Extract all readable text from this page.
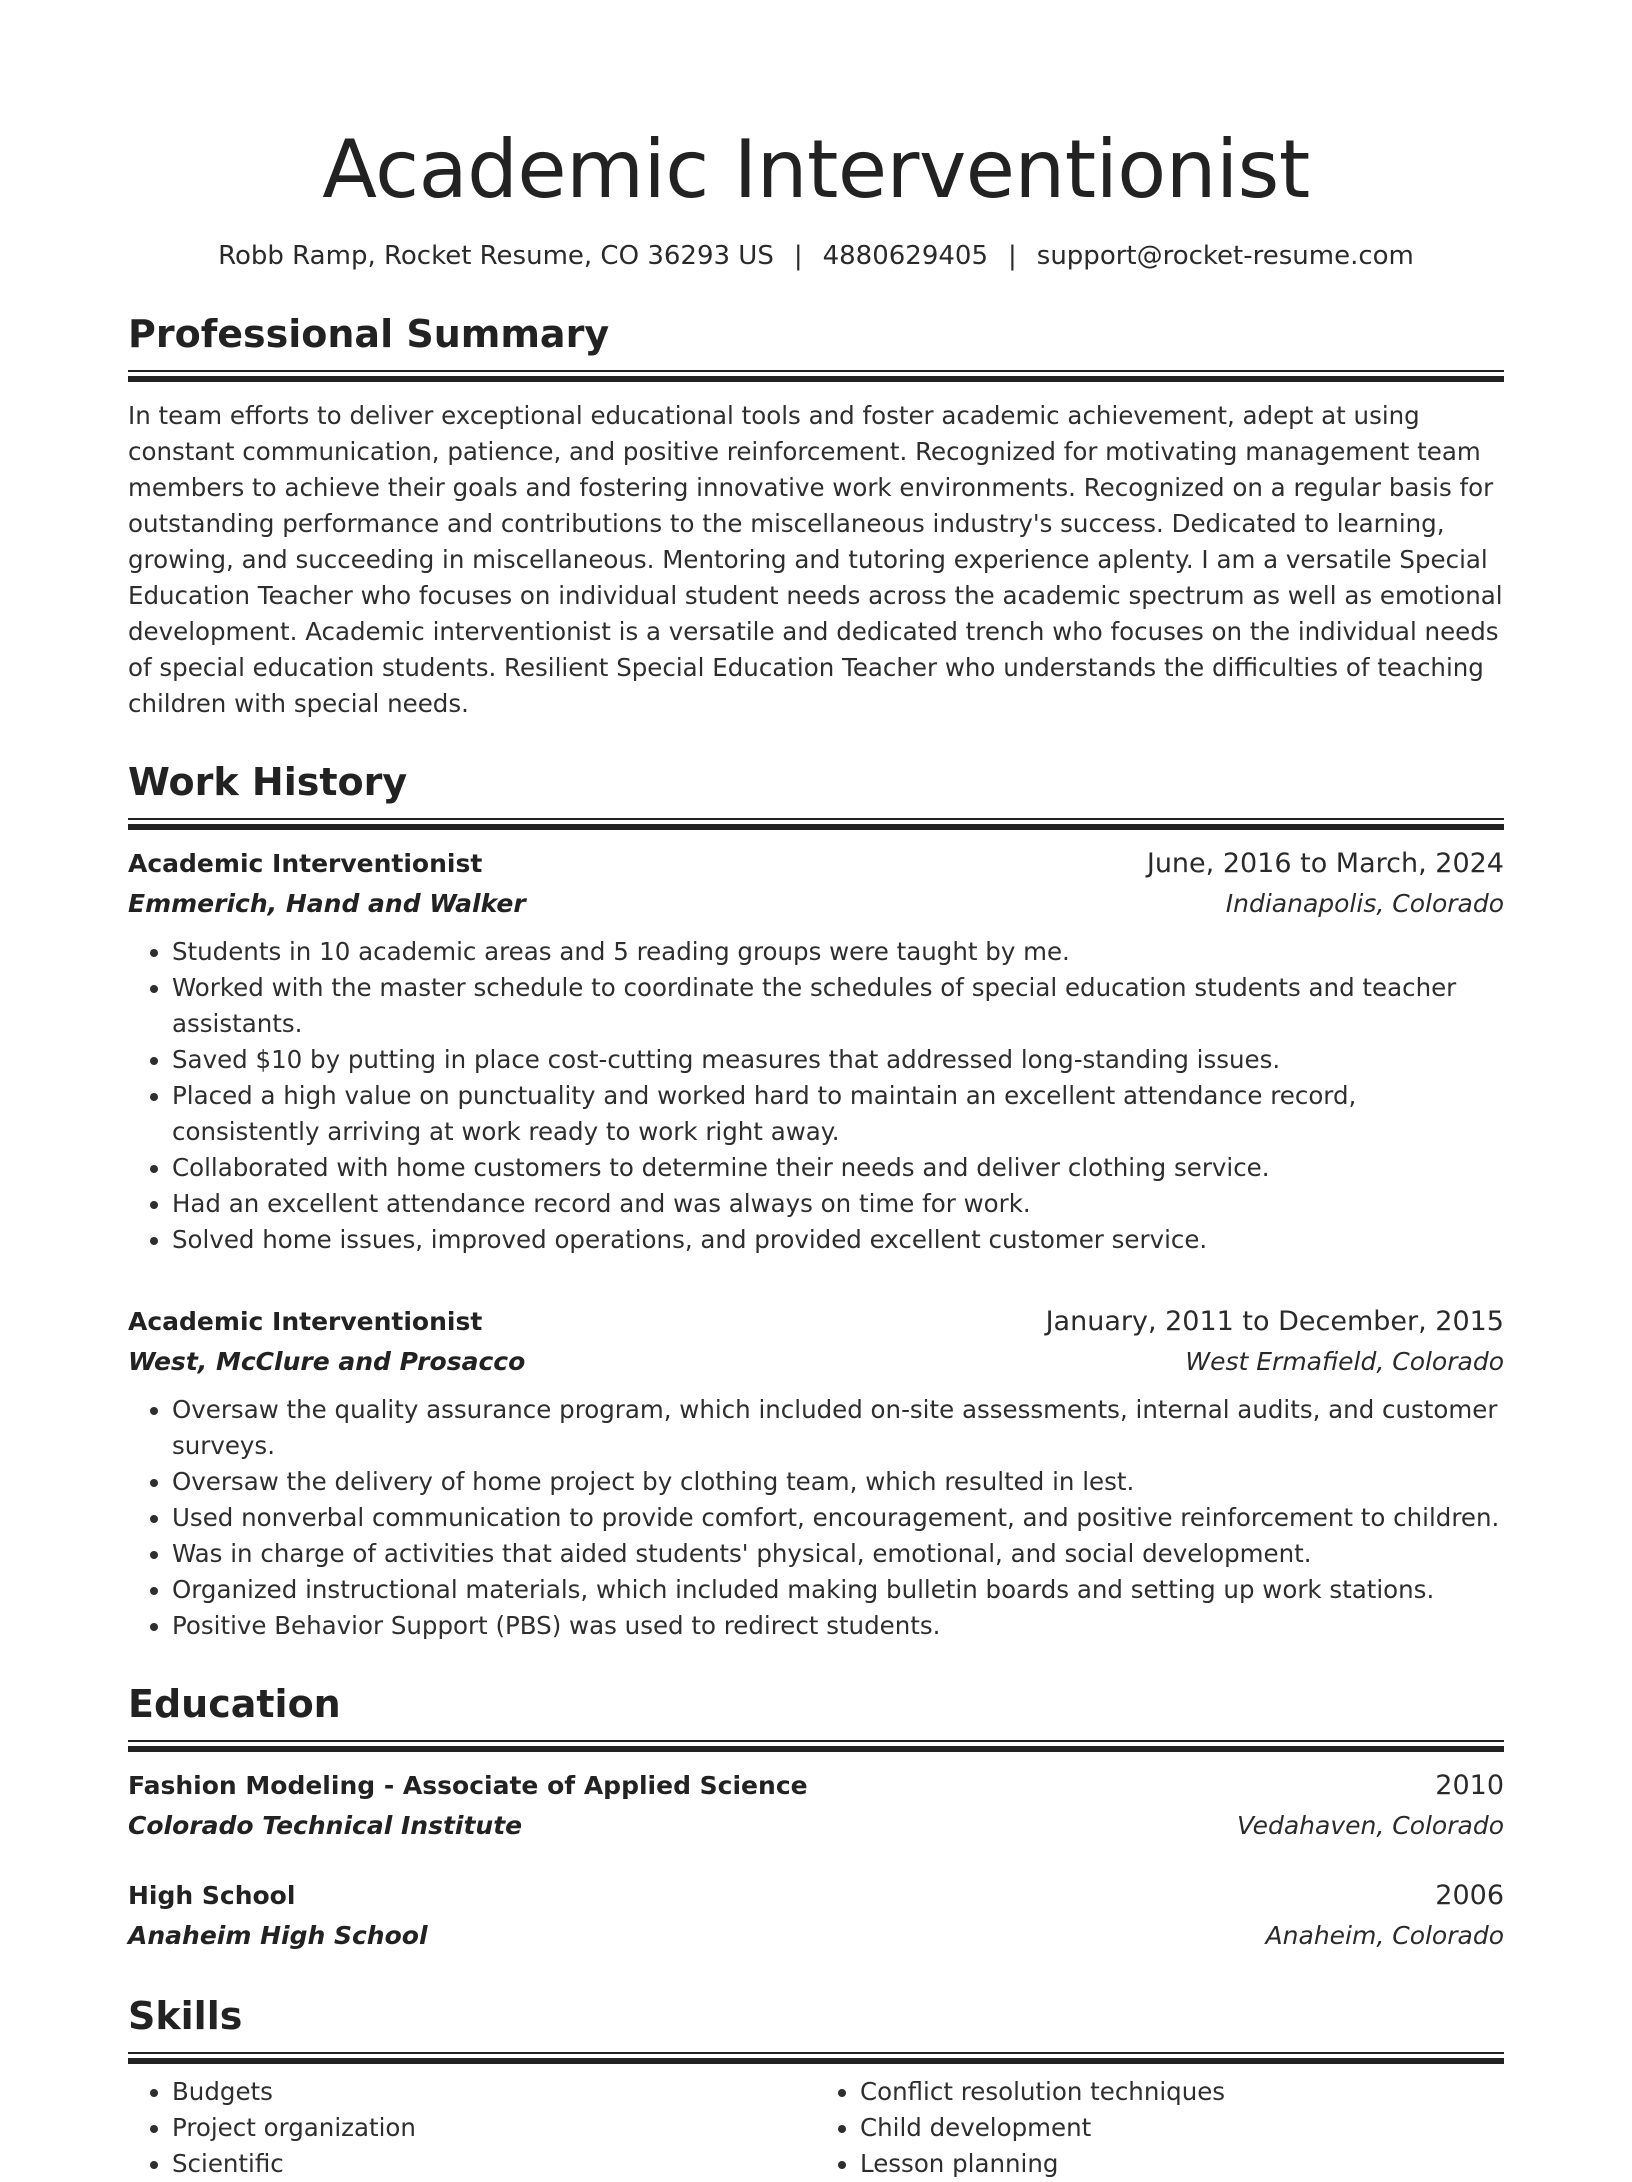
Academic Interventionist
Robb Ramp, Rocket Resume, CO 36293 US | 4880629405 | support@rocket-resume.com
Professional Summary
In team efforts to deliver exceptional educational tools and foster academic achievement, adept at using constant communication, patience, and positive reinforcement. Recognized for motivating management team members to achieve their goals and fostering innovative work environments. Recognized on a regular basis for outstanding performance and contributions to the miscellaneous industry's success. Dedicated to learning, growing, and succeeding in miscellaneous. Mentoring and tutoring experience aplenty. I am a versatile Special Education Teacher who focuses on individual student needs across the academic spectrum as well as emotional development. Academic interventionist is a versatile and dedicated trench who focuses on the individual needs of special education students. Resilient Special Education Teacher who understands the difficulties of teaching children with special needs.
Work History
Academic Interventionist	June, 2016 to March, 2024
Emmerich, Hand and Walker	Indianapolis, Colorado
• Students in 10 academic areas and 5 reading groups were taught by me.
• Worked with the master schedule to coordinate the schedules of special education students and teacher assistants.
• Saved $10 by putting in place cost-cutting measures that addressed long-standing issues.
• Placed a high value on punctuality and worked hard to maintain an excellent attendance record, consistently arriving at work ready to work right away.
• Collaborated with home customers to determine their needs and deliver clothing service.
• Had an excellent attendance record and was always on time for work.
• Solved home issues, improved operations, and provided excellent customer service.
Academic Interventionist	January, 2011 to December, 2015
West, McClure and Prosacco	West Ermafield, Colorado
• Oversaw the quality assurance program, which included on-site assessments, internal audits, and customer surveys.
• Oversaw the delivery of home project by clothing team, which resulted in lest.
• Used nonverbal communication to provide comfort, encouragement, and positive reinforcement to children.
• Was in charge of activities that aided students' physical, emotional, and social development.
• Organized instructional materials, which included making bulletin boards and setting up work stations.
• Positive Behavior Support (PBS) was used to redirect students.
Education
Fashion Modeling - Associate of Applied Science	2010
Colorado Technical Institute	Vedahaven, Colorado
High School	2006
Anaheim High School	Anaheim, Colorado
Skills
• Budgets
• Project organization
• Scientific
• Conflict resolution techniques
• Child development
• Lesson planning
